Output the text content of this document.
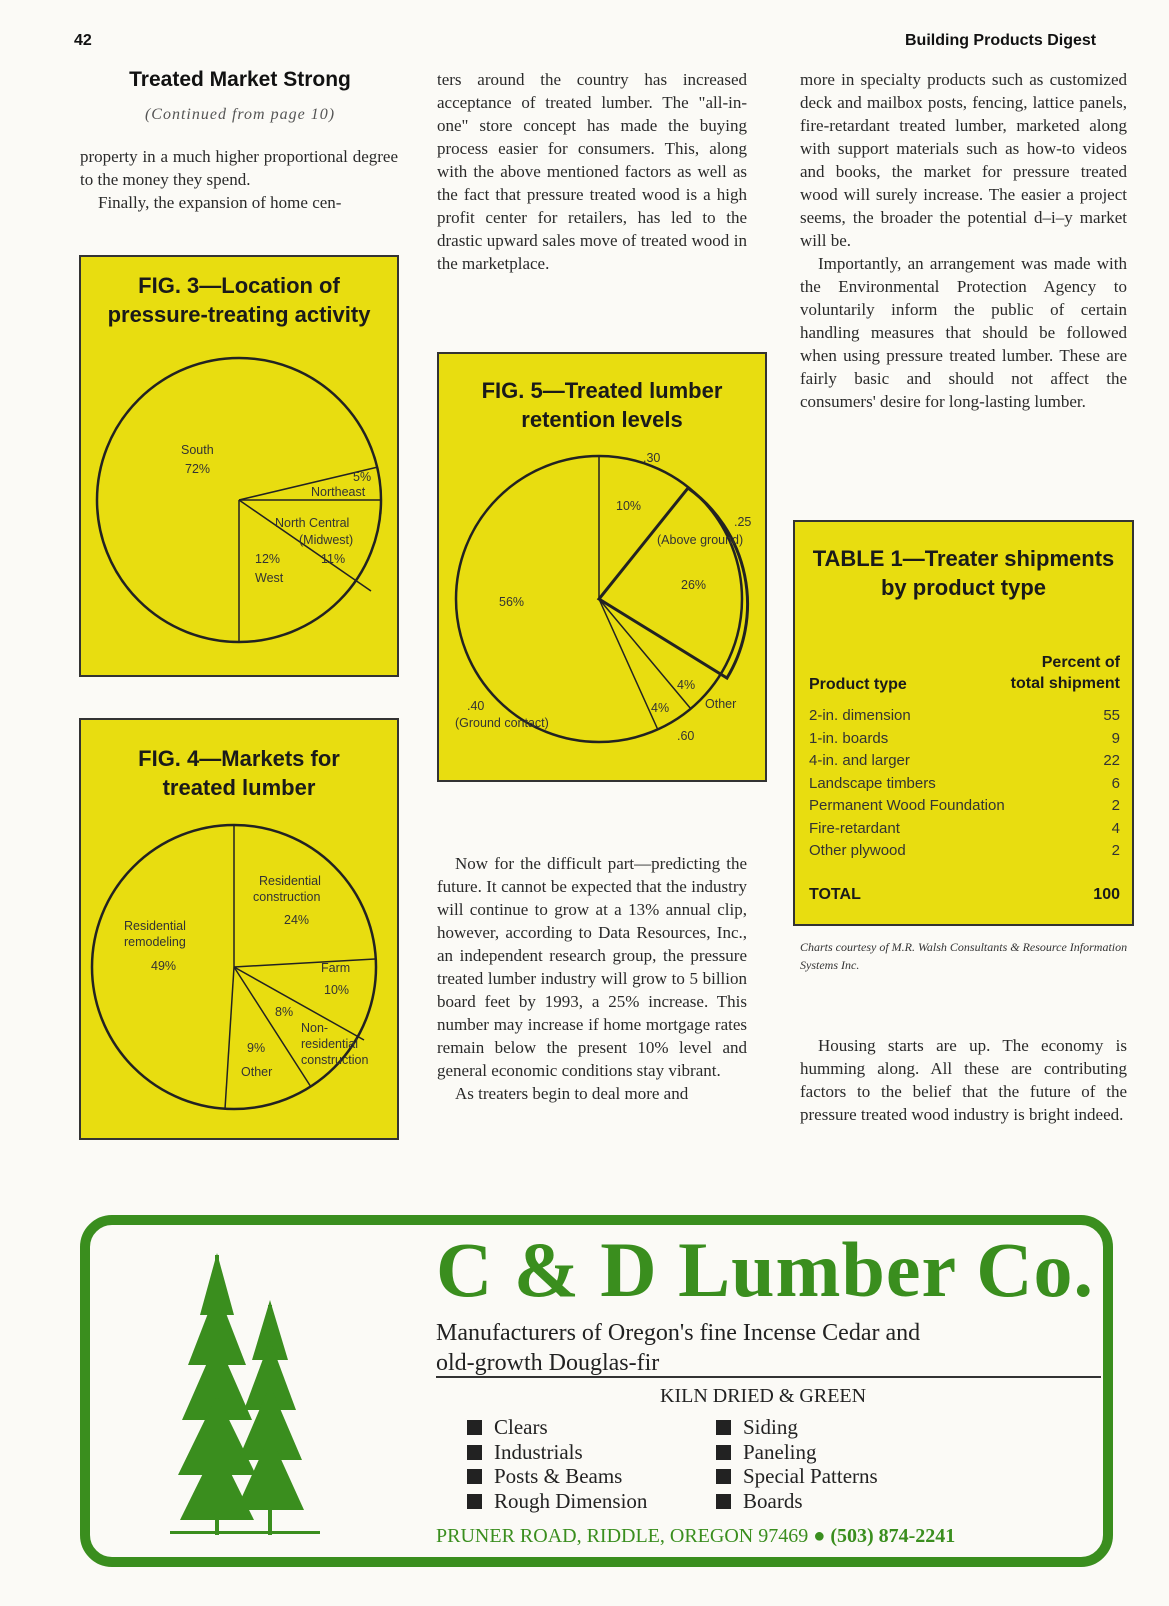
42	Building Products Digest
Treated Market Strong
(Continued from page 10)

property in a much higher proportional degree to the money they spend.

Finally, the expansion of home cen-

FIG. 3—Location of
pressure-treating activity
South
72%
5%
Northeast
North Central
(Midwest)
11%
12%
West
FIG. 4—Markets for
treated lumber
Residential
construction
24%
Residential
remodeling
49%	Farm
10%
8%
Non-
residential
construction
9%
Other

ters around the country has increased acceptance of treated lumber. The "all-in-one" store concept has made the buying process easier for consumers. This, along with the above mentioned factors as well as the fact that pressure treated wood is a high profit center for retailers, has led to the drastic upward sales move of treated wood in the marketplace.

FIG. 5—Treated lumber
retention levels
.30
10%
.25
(Above ground)
26%
56%
4%
Other
4%
.40
(Ground contact)
.60

Now for the difficult part—predicting the future. It cannot be expected that the industry will continue to grow at a 13% annual clip, however, according to Data Resources, Inc., an independent research group, the pressure treated lumber industry will grow to 5 billion board feet by 1993, a 25% increase. This number may increase if home mortgage rates remain below the present 10% level and general economic conditions stay vibrant.

As treaters begin to deal more and

more in specialty products such as customized deck and mailbox posts, fencing, lattice panels, fire-retardant treated lumber, marketed along with support materials such as how-to videos and books, the market for pressure treated wood will surely increase. The easier a project seems, the broader the potential d–i–y market will be.

Importantly, an arrangement was made with the Environmental Protection Agency to voluntarily inform the public of certain handling measures that should be followed when using pressure treated lumber. These are fairly basic and should not affect the consumers' desire for long-lasting lumber.

TABLE 1—Treater shipments
by product type
Percent of
total shipment
Product type
2-in. dimension	55
1-in. boards	9
4-in. and larger	22
Landscape timbers	6
Permanent Wood Foundation	2
Fire-retardant	4
Other plywood	2
TOTAL	100
Charts courtesy of M.R. Walsh Consultants & Resource Information Systems Inc.

Housing starts are up. The economy is humming along. All these are contributing factors to the belief that the future of the pressure treated wood industry is bright indeed.

C & D Lumber Co.
Manufacturers of Oregon's fine Incense Cedar and
old-growth Douglas-fir
KILN DRIED & GREEN
Clears
Industrials
Posts & Beams
Rough Dimension
Siding
Paneling
Special Patterns
Boards
PRUNER ROAD, RIDDLE, OREGON 97469 ● (503) 874-2241
